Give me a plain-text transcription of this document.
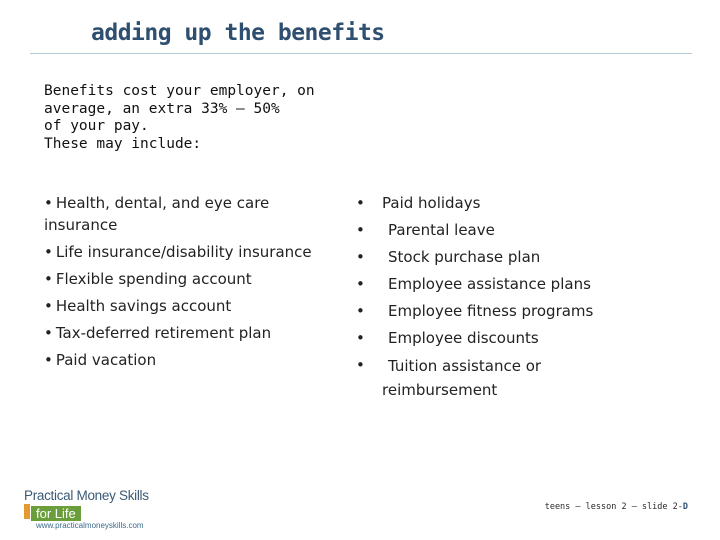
adding up the benefits
Benefits cost your employer, on
average, an extra 33% – 50%
of your pay.
These may include:
• Health, dental, and eye care
insurance
• Life insurance/disability insurance
• Flexible spending account
• Health savings account
• Tax-deferred retirement plan
• Paid vacation
• Paid holidays
• Parental leave
• Stock purchase plan
• Employee assistance plans
• Employee fitness programs
• Employee discounts
•	Tuition assistance or
reimbursement
Practical Money Skills
for Life
www.practicalmoneyskills.com
teens – lesson 2 – slide 2-D
